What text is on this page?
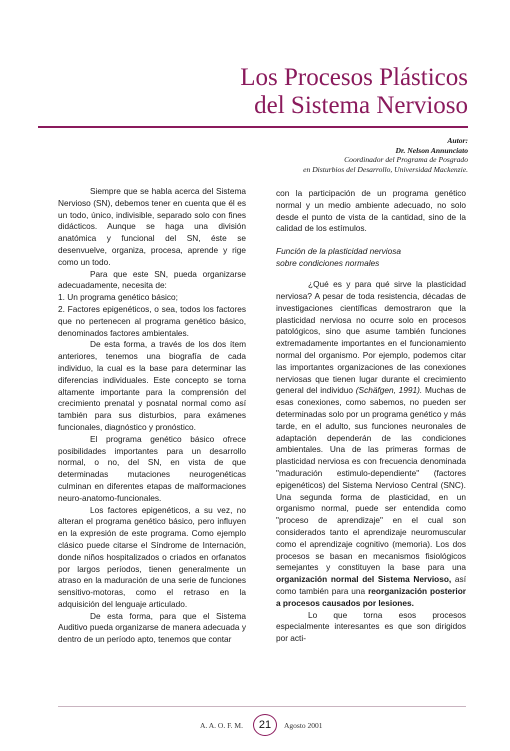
Los Procesos Plásticos
del Sistema Nervioso
Autor:
Dr. Nelson Annunciato
Coordinador del Programa de Posgrado
en Disturbios del Desarrollo, Universidad Mackenzie.

Siempre que se habla acerca del Sistema Nervioso (SN), debemos tener en cuenta que él es un todo, único, indivisible, separado solo con fines didácticos. Aunque se haga una división anatómica y funcional del SN, éste se desenvuelve, organiza, procesa, aprende y rige como un todo.

Para que este SN, pueda organizarse adecuadamente, necesita de:

1. Un programa genético básico;

2. Factores epigenéticos, o sea, todos los factores que no pertenecen al programa genético básico, denominados factores ambientales.

De esta forma, a través de los dos ítem anteriores, tenemos una biografía de cada individuo, la cual es la base para determinar las diferencias individuales. Este concepto se torna altamente importante para la comprensión del crecimiento prenatal y posnatal normal como así también para sus disturbios, para exámenes funcionales, diagnóstico y pronóstico.

El programa genético básico ofrece posibilidades importantes para un desarrollo normal, o no, del SN, en vista de que determinadas mutaciones neurogenéticas culminan en diferentes etapas de malformaciones neuro-anatomo-funcionales.

Los factores epigenéticos, a su vez, no alteran el programa genético básico, pero influyen en la expresión de este programa. Como ejemplo clásico puede citarse el Síndrome de Internación, donde niños hospitalizados o criados en orfanatos por largos períodos, tienen generalmente un atraso en la maduración de una serie de funciones sensitivo-motoras, como el retraso en la adquisición del lenguaje articulado.

De esta forma, para que el Sistema Auditivo pueda organizarse de manera adecuada y dentro de un período apto, tenemos que contar

con la participación de un programa genético normal y un medio ambiente adecuado, no solo desde el punto de vista de la cantidad, sino de la calidad de los estímulos.

Función de la plasticidad nerviosa
sobre condiciones normales

¿Qué es y para qué sirve la plasticidad nerviosa? A pesar de toda resistencia, décadas de investigaciones científicas demostraron que la plasticidad nerviosa no ocurre solo en procesos patológicos, sino que asume también funciones extremadamente importantes en el funcionamiento normal del organismo. Por ejemplo, podemos citar las importantes organizaciones de las conexiones nerviosas que tienen lugar durante el crecimiento general del individuo (Schäfgen, 1991). Muchas de esas conexiones, como sabemos, no pueden ser determinadas solo por un programa genético y más tarde, en el adulto, sus funciones neuronales de adaptación dependerán de las condiciones ambientales. Una de las primeras formas de plasticidad nerviosa es con frecuencia denominada "maduración estimulo-dependiente" (factores epigenéticos) del Sistema Nervioso Central (SNC). Una segunda forma de plasticidad, en un organismo normal, puede ser entendida como "proceso de aprendizaje" en el cual son considerados tanto el aprendizaje neuromuscular como el aprendizaje cognitivo (memoria). Los dos procesos se basan en mecanismos fisiológicos semejantes y constituyen la base para una organización normal del Sistema Nervioso, así como también para una reorganización posterior a procesos causados por lesiones.

Lo que torna esos procesos especialmente interesantes es que son dirigidos por acti-

A. A. O. F. M.	21	Agosto 2001
